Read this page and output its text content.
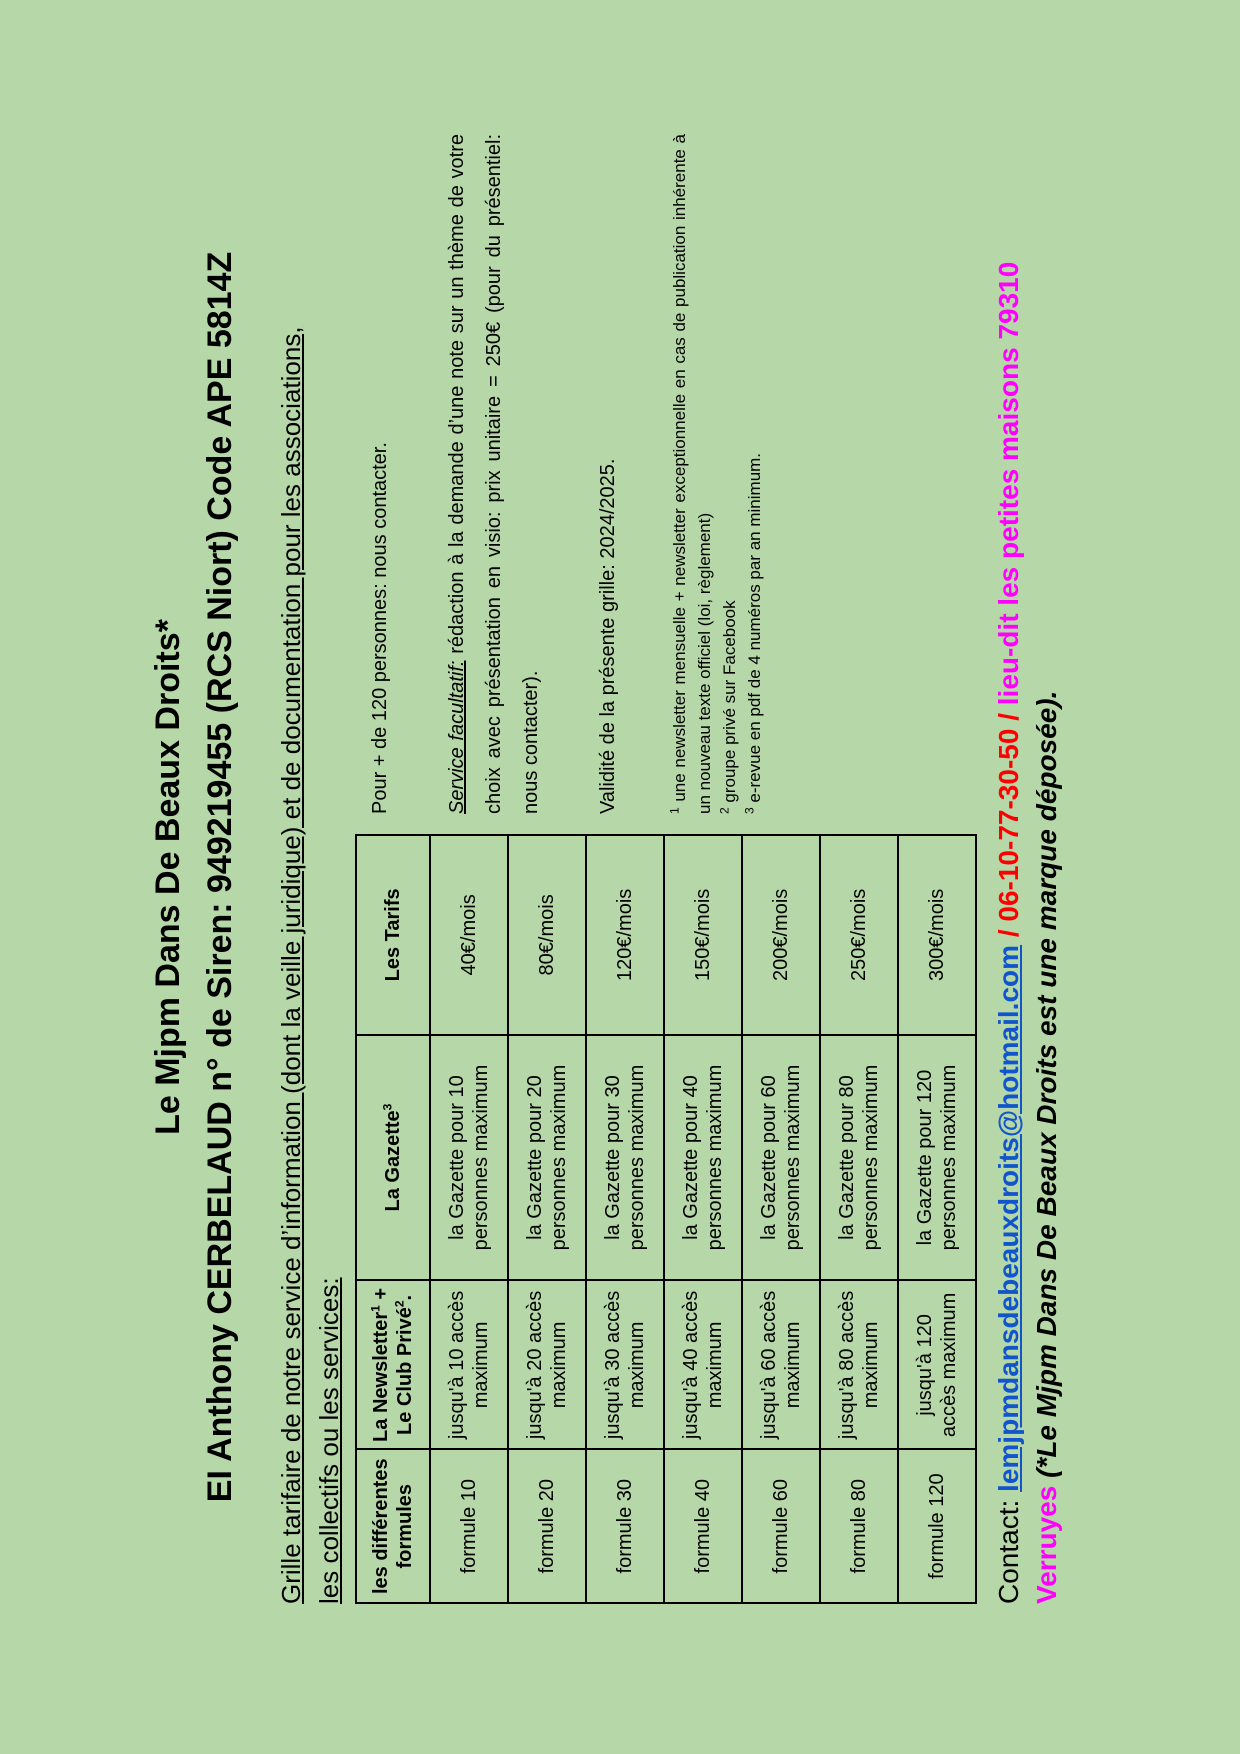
Le Mjpm Dans De Beaux Droits* EI Anthony CERBELAUD n° de Siren: 949219455 (RCS Niort) Code APE 5814Z Grille tarifaire de notre service d’information (dont la veille juridique) et de documentation pour les associations, les collectifs ou les services: les différentes formules	La Newsletter$^1$ + Le Club Privé$^2$.	La Gazette$^3$	Les Tarifs
formule 10	jusqu'à 10 accès maximum	la Gazette pour 10 personnes maximum	40€/mois
formule 20	jusqu'à 20 accès maximum	la Gazette pour 20 personnes maximum	80€/mois
formule 30	jusqu'à 30 accès maximum	la Gazette pour 30 personnes maximum	120€/mois
formule 40	jusqu'à 40 accès maximum	la Gazette pour 40 personnes maximum	150€/mois
formule 60	jusqu'à 60 accès maximum	la Gazette pour 60 personnes maximum	200€/mois
formule 80	jusqu'à 80 accès maximum	la Gazette pour 80 personnes maximum	250€/mois
formule 120	jusqu'à 120 accès maximum	la Gazette pour 120 personnes maximum	300€/mois

Pour + de 120 personnes: nous contacter.	Service facultatif: rédaction à la demande d’une note sur un thème de votre choix avec présentation en visio: prix unitaire = 250€ (pour du présentiel: nous contacter).	Validité de la présente grille: 2024/2025.	$^1$ une newsletter mensuelle + newsletter exceptionnelle en cas de publication inhérente à un nouveau texte officiel (loi, règlement) $^2$ groupe privé sur Facebook

$^3$ e-revue en pdf de 4 numéros par an minimum.

Contact: lemjpmdansdebeauxdroits@hotmail.com / 06-10-77-30-50 / lieu-dit les petites maisons 79310 Verruyes (*Le Mjpm Dans De Beaux Droits est une marque déposée).
